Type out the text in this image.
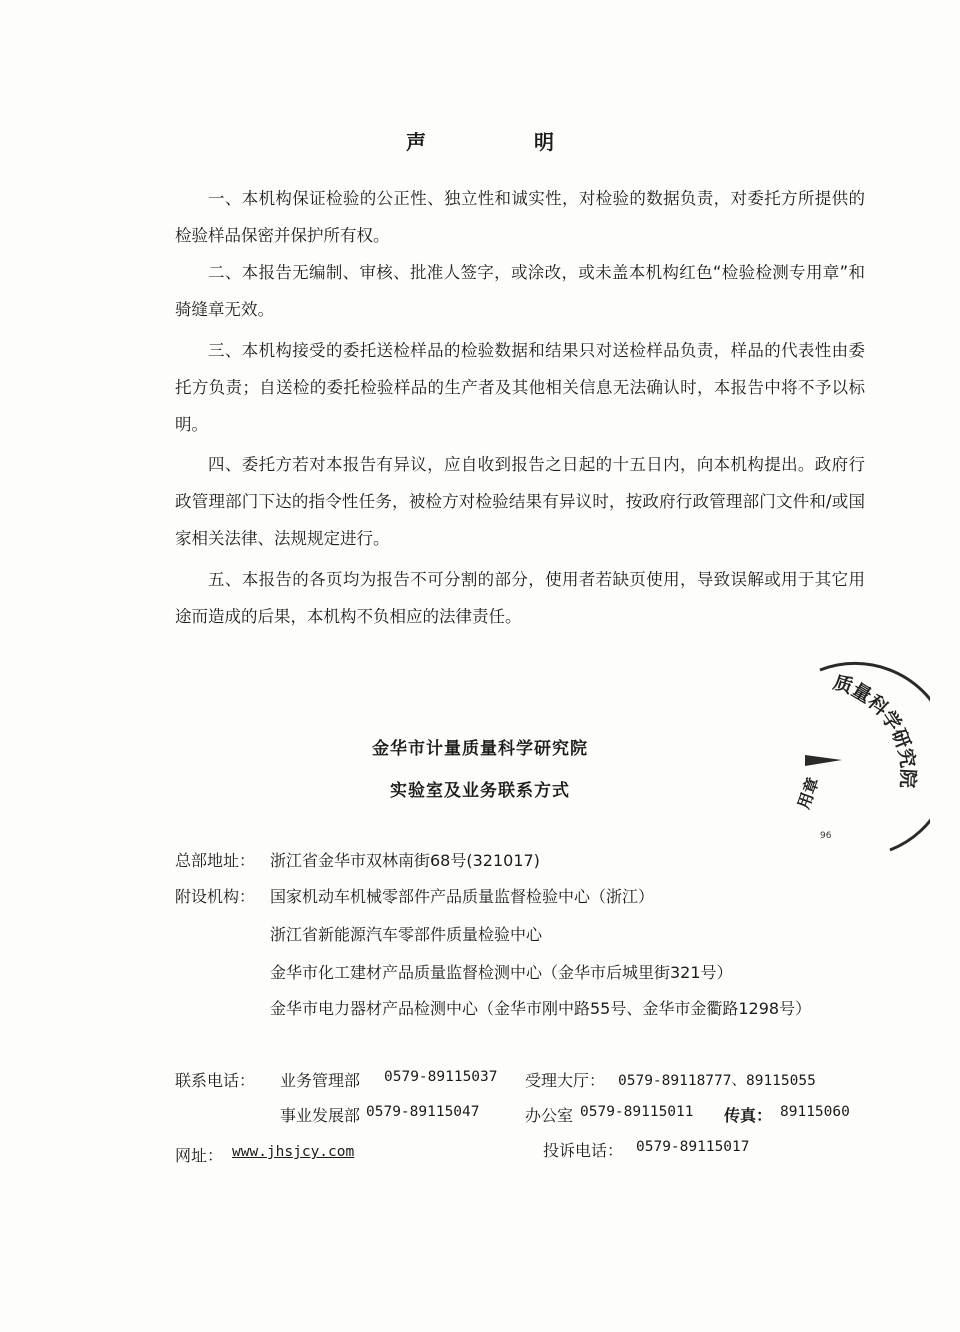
声　明
一、本机构保证检验的公正性、独立性和诚实性，对检验的数据负责，对委托方所提供的检验样品保密并保护所有权。
二、本报告无编制、审核、批准人签字，或涂改，或未盖本机构红色“检验检测专用章”和骑缝章无效。
三、本机构接受的委托送检样品的检验数据和结果只对送检样品负责，样品的代表性由委托方负责；自送检的委托检验样品的生产者及其他相关信息无法确认时，本报告中将不予以标明。
四、委托方若对本报告有异议，应自收到报告之日起的十五日内，向本机构提出。政府行政管理部门下达的指令性任务，被检方对检验结果有异议时，按政府行政管理部门文件和/或国家相关法律、法规规定进行。
五、本报告的各页均为报告不可分割的部分，使用者若缺页使用，导致误解或用于其它用途而造成的后果，本机构不负相应的法律责任。
质量科学研究院
用章
96
金华市计量质量科学研究院
实验室及业务联系方式
总部地址： 浙江省金华市双林南街68号(321017)
附设机构： 国家机动车机械零部件产品质量监督检验中心（浙江）
浙江省新能源汽车零部件质量检验中心
金华市化工建材产品质量监督检测中心（金华市后城里街321号）
金华市电力器材产品检测中心（金华市刚中路55号、金华市金衢路1298号）
联系电话： 业务管理部 0579-89115037 受理大厅： 0579-89118777、89115055
事业发展部 0579-89115047	办公室 0579-89115011 传真： 89115060
网址： www.jhsjcy.com	投诉电话： 0579-89115017
